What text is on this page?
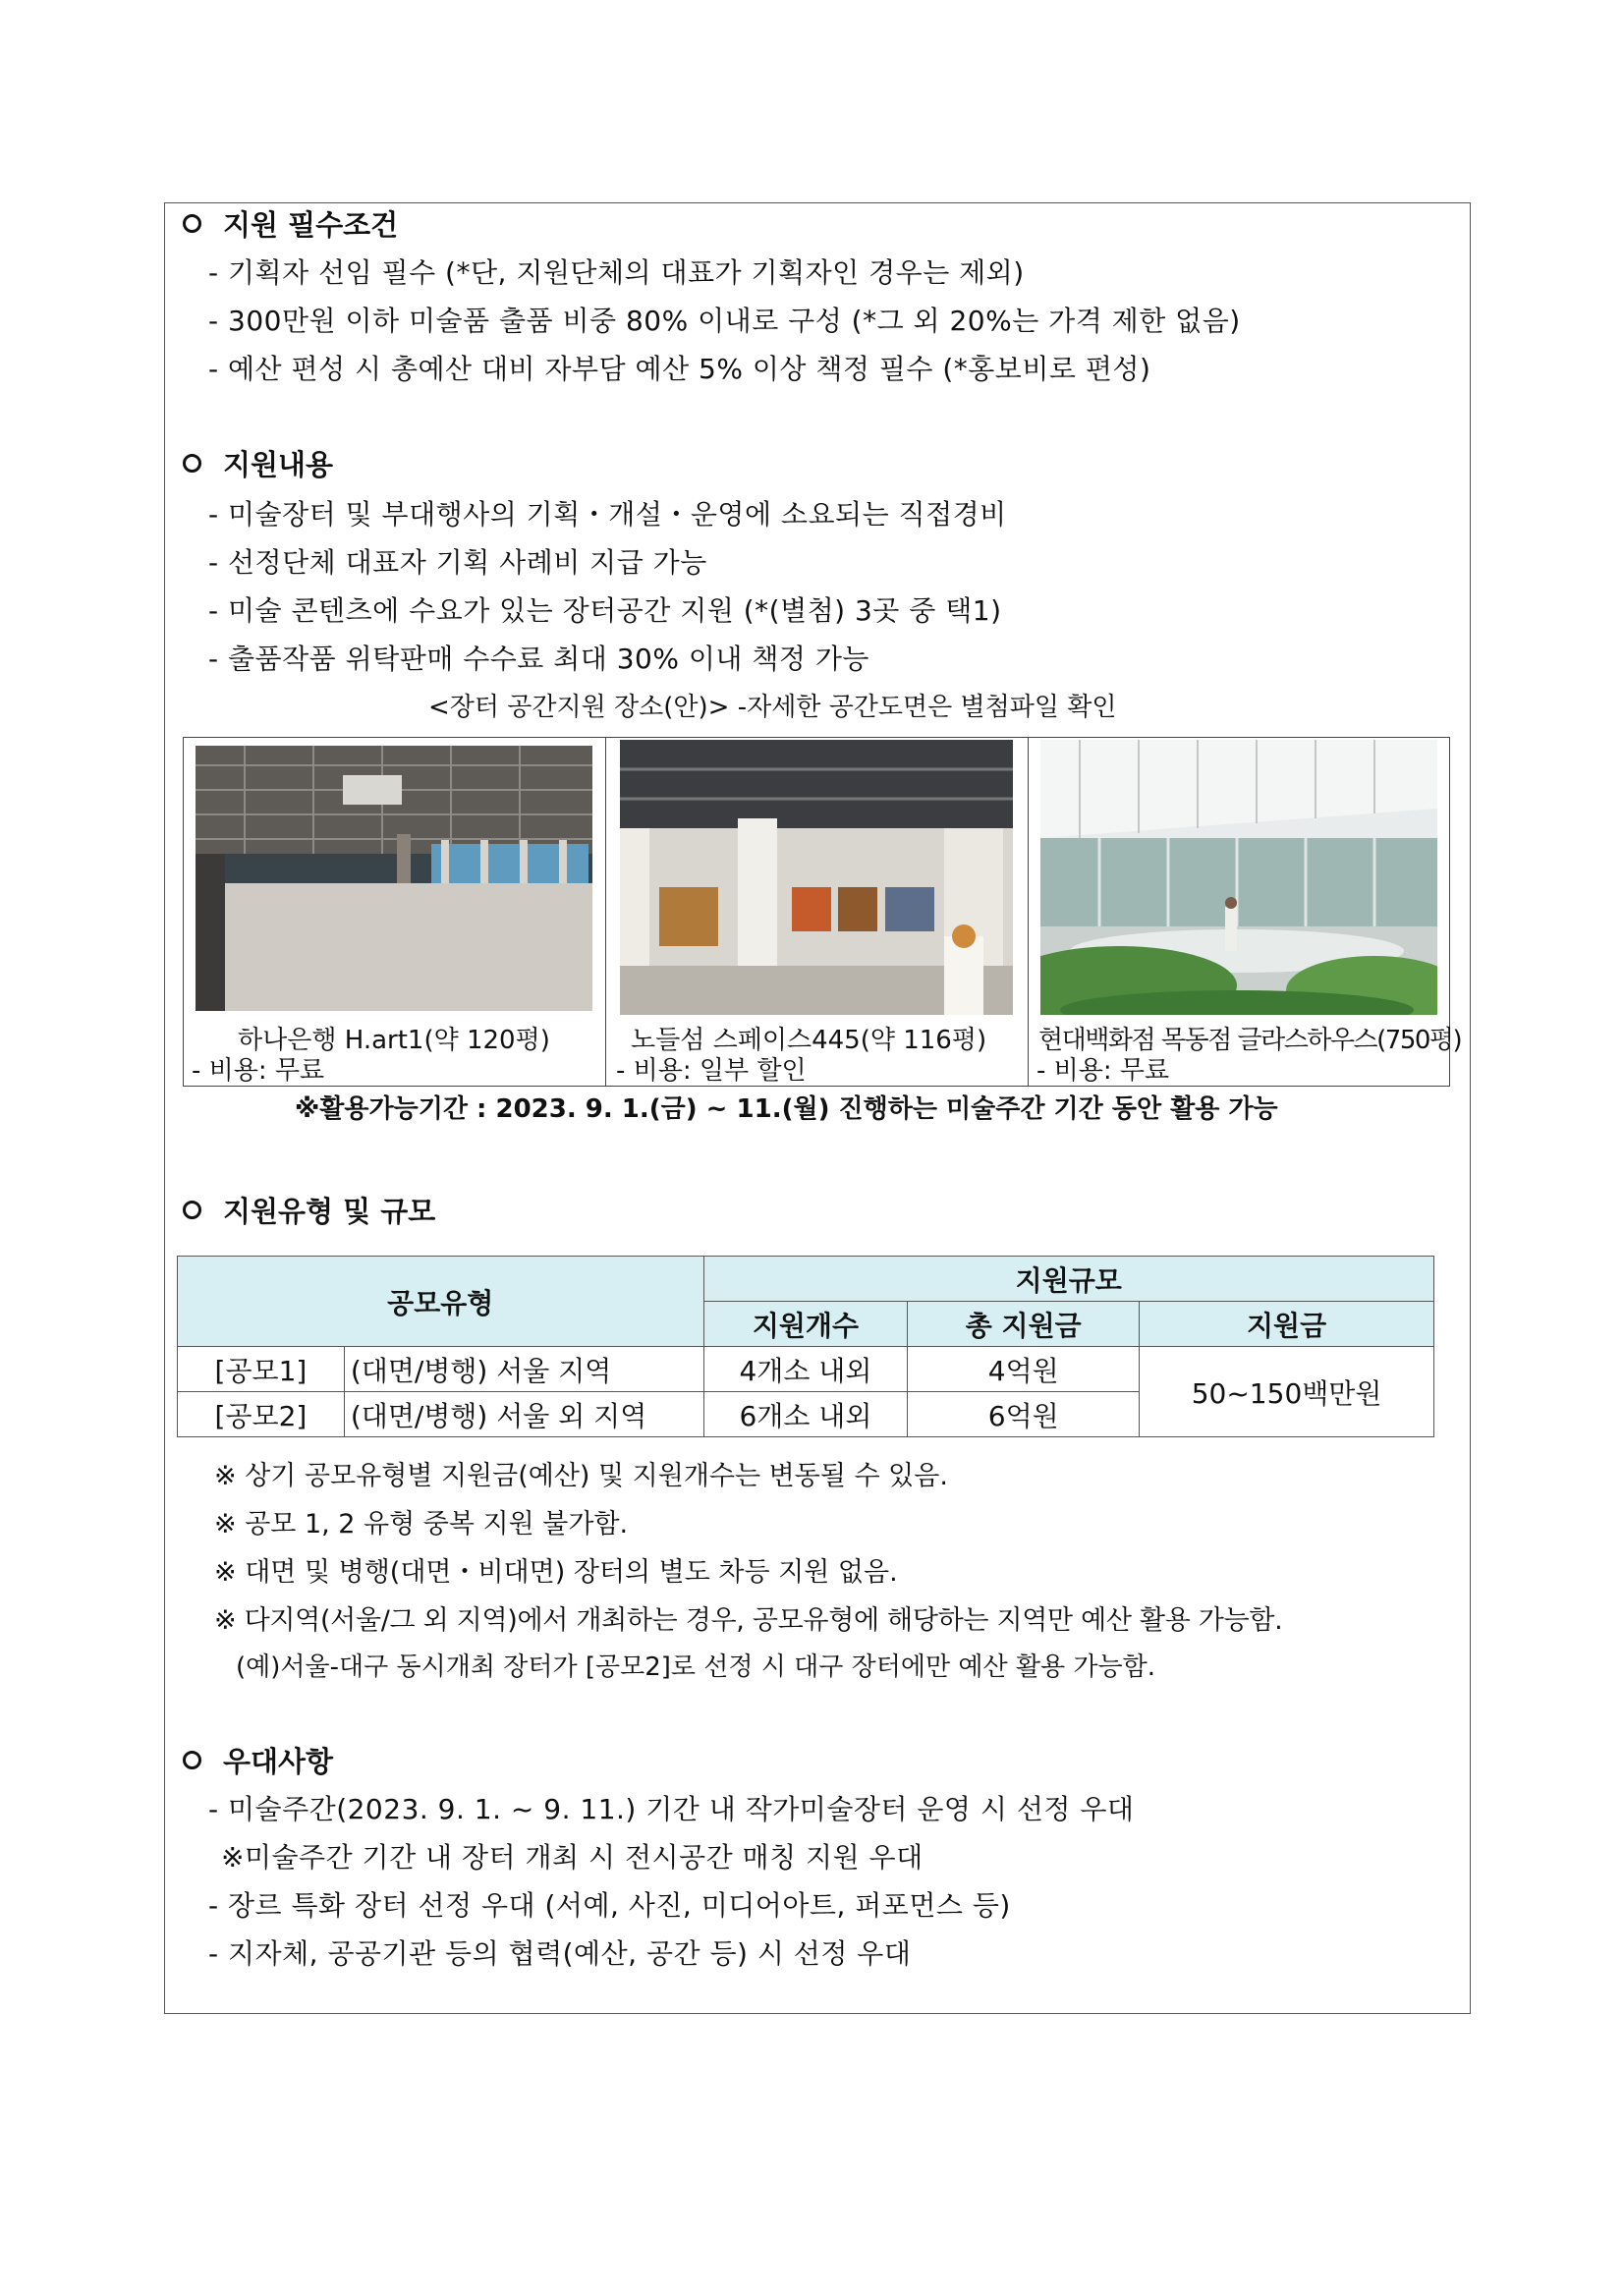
지원 필수조건
- 기획자 선임 필수 (*단, 지원단체의 대표가 기획자인 경우는 제외)
- 300만원 이하 미술품 출품 비중 80% 이내로 구성 (*그 외 20%는 가격 제한 없음)
- 예산 편성 시 총예산 대비 자부담 예산 5% 이상 책정 필수 (*홍보비로 편성)
지원내용
- 미술장터 및 부대행사의 기획・개설・운영에 소요되는 직접경비
- 선정단체 대표자 기획 사례비 지급 가능
- 미술 콘텐츠에 수요가 있는 장터공간 지원 (*(별첨) 3곳 중 택1)
- 출품작품 위탁판매 수수료 최대 30% 이내 책정 가능
<장터 공간지원 장소(안)> -자세한 공간도면은 별첨파일 확인
하나은행 H.art1(약 120평)
- 비용: 무료
노들섬 스페이스445(약 116평)
- 비용: 일부 할인
현대백화점 목동점 글라스하우스(750평)
- 비용: 무료
※활용가능기간 : 2023. 9. 1.(금) ~ 11.(월) 진행하는 미술주간 기간 동안 활용 가능
지원유형 및 규모
공모유형		지원규모		
		지원개수	총 지원금	지원금
[공모1]	(대면/병행) 서울 지역	4개소 내외	4억원	50~150백만원
[공모2]	(대면/병행) 서울 외 지역	6개소 내외	6억원	
※ 상기 공모유형별 지원금(예산) 및 지원개수는 변동될 수 있음.
※ 공모 1, 2 유형 중복 지원 불가함.
※ 대면 및 병행(대면・비대면) 장터의 별도 차등 지원 없음.
※ 다지역(서울/그 외 지역)에서 개최하는 경우, 공모유형에 해당하는 지역만 예산 활용 가능함.
(예)서울-대구 동시개최 장터가 [공모2]로 선정 시 대구 장터에만 예산 활용 가능함.
우대사항
- 미술주간(2023. 9. 1. ~ 9. 11.) 기간 내 작가미술장터 운영 시 선정 우대
※미술주간 기간 내 장터 개최 시 전시공간 매칭 지원 우대
- 장르 특화 장터 선정 우대 (서예, 사진, 미디어아트, 퍼포먼스 등)
- 지자체, 공공기관 등의 협력(예산, 공간 등) 시 선정 우대
